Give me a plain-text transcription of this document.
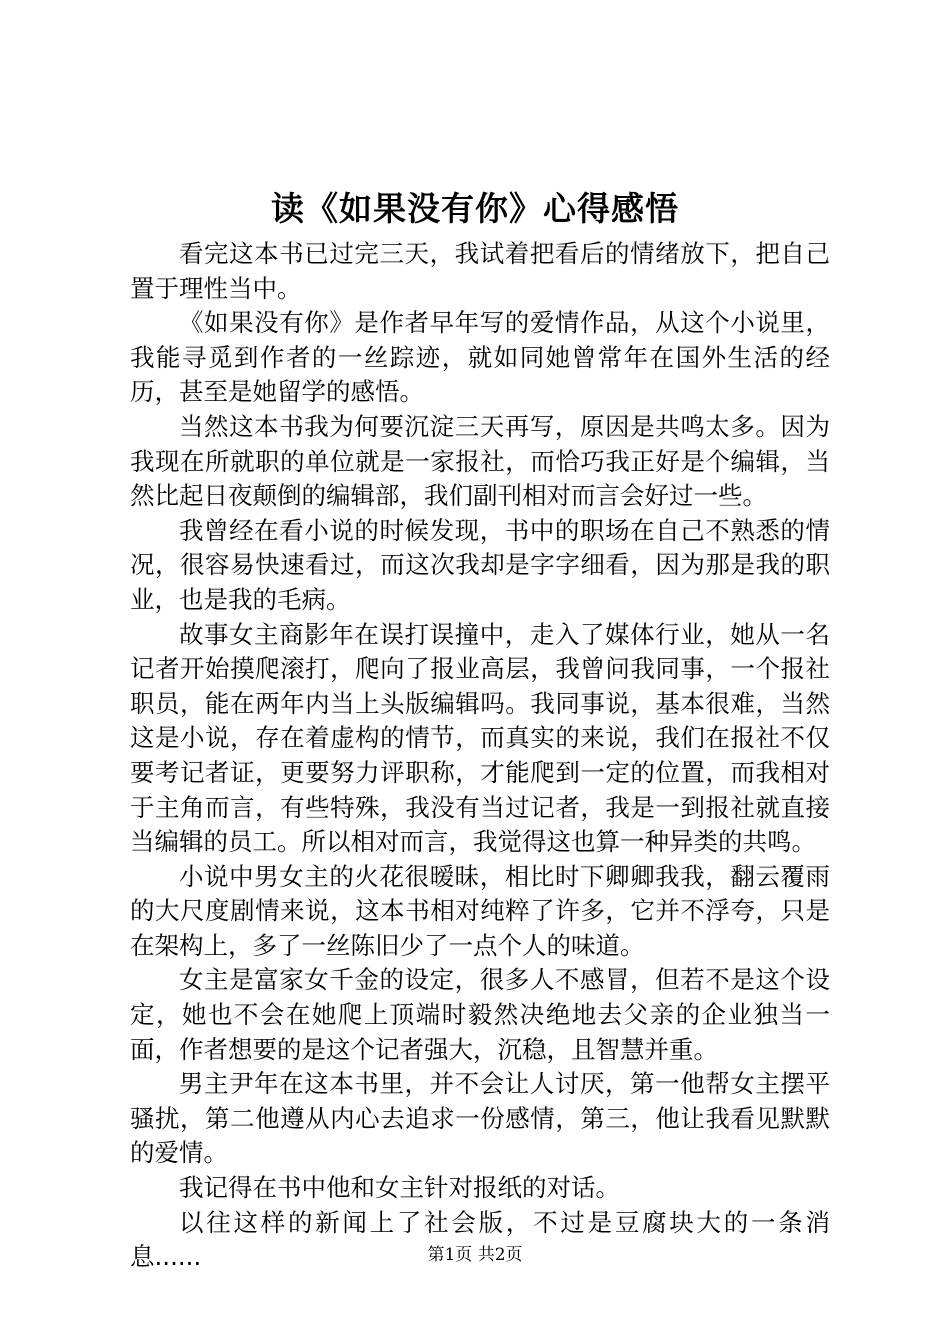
读《如果没有你》心得感悟

看完这本书已过完三天，我试着把看后的情绪放下，把自己置于理性当中。

《如果没有你》是作者早年写的爱情作品，从这个小说里，我能寻觅到作者的一丝踪迹，就如同她曾常年在国外生活的经历，甚至是她留学的感悟。

当然这本书我为何要沉淀三天再写，原因是共鸣太多。因为我现在所就职的单位就是一家报社，而恰巧我正好是个编辑，当然比起日夜颠倒的编辑部，我们副刊相对而言会好过一些。

我曾经在看小说的时候发现，书中的职场在自己不熟悉的情况，很容易快速看过，而这次我却是字字细看，因为那是我的职业，也是我的毛病。

故事女主商影年在误打误撞中，走入了媒体行业，她从一名记者开始摸爬滚打，爬向了报业高层，我曾问我同事，一个报社职员，能在两年内当上头版编辑吗。我同事说，基本很难，当然这是小说，存在着虚构的情节，而真实的来说，我们在报社不仅要考记者证，更要努力评职称，才能爬到一定的位置，而我相对于主角而言，有些特殊，我没有当过记者，我是一到报社就直接当编辑的员工。所以相对而言，我觉得这也算一种异类的共鸣。

小说中男女主的火花很暧昧，相比时下卿卿我我，翻云覆雨的大尺度剧情来说，这本书相对纯粹了许多，它并不浮夸，只是在架构上，多了一丝陈旧少了一点个人的味道。

女主是富家女千金的设定，很多人不感冒，但若不是这个设定，她也不会在她爬上顶端时毅然决绝地去父亲的企业独当一面，作者想要的是这个记者强大，沉稳，且智慧并重。

男主尹年在这本书里，并不会让人讨厌，第一他帮女主摆平骚扰，第二他遵从内心去追求一份感情，第三，他让我看见默默的爱情。

我记得在书中他和女主针对报纸的对话。

以往这样的新闻上了社会版，不过是豆腐块大的一条消息......	第1页 共2页
